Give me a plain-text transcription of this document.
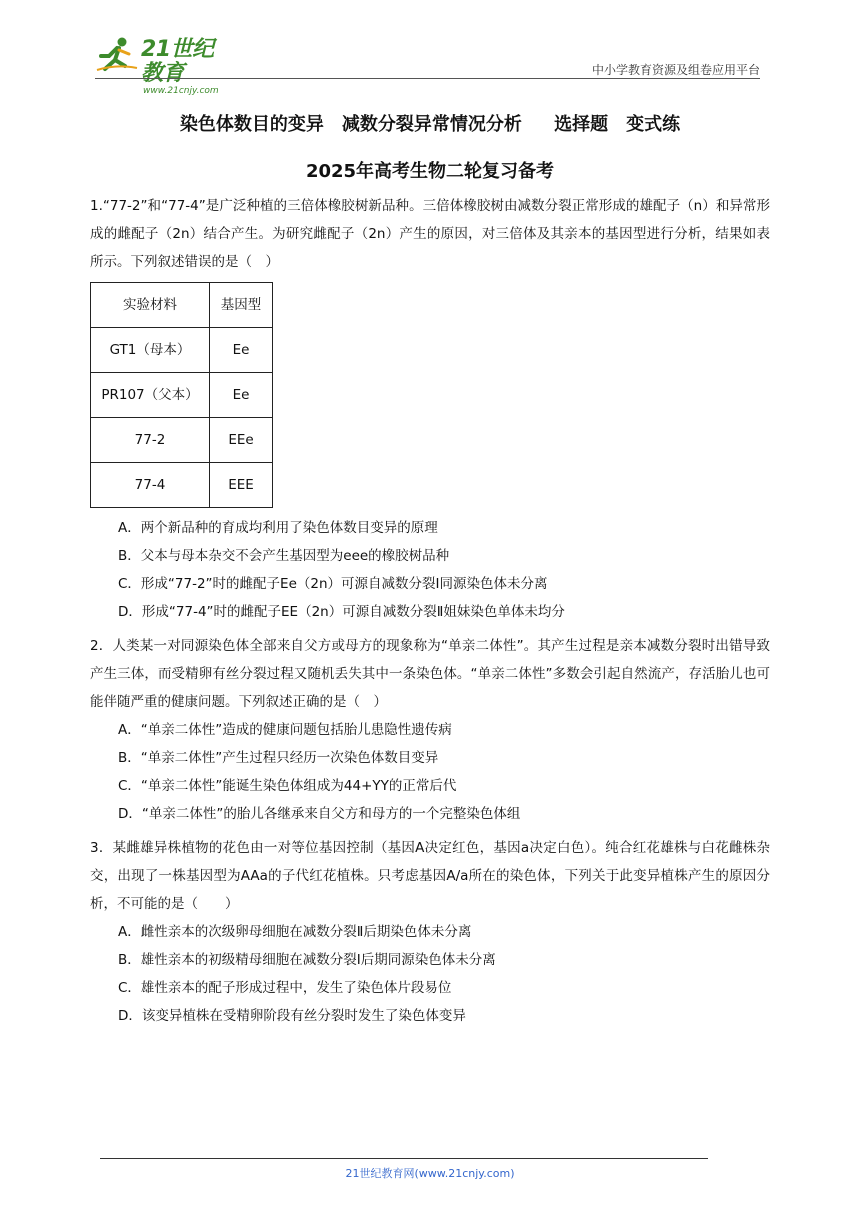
21世纪教育
www.21cnjy.com
中小学教育资源及组卷应用平台
染色体数目的变异　减数分裂异常情况分析　 选择题　变式练
2025年高考生物二轮复习备考

1.“77-2”和“77-4”是广泛种植的三倍体橡胶树新品种。三倍体橡胶树由减数分裂正常形成的雄配子（n）和异常形成的雌配子（2n）结合产生。为研究雌配子（2n）产生的原因，对三倍体及其亲本的基因型进行分析，结果如表所示。下列叙述错误的是（　）

实验材料	基因型
GT1（母本）	Ee
PR107（父本）	Ee
77-2	EEe
77-4	EEE

A．两个新品种的育成均利用了染色体数目变异的原理

B．父本与母本杂交不会产生基因型为eee的橡胶树品种

C．形成“77-2”时的雌配子Ee（2n）可源自减数分裂Ⅰ同源染色体未分离

D．形成“77-4”时的雌配子EE（2n）可源自减数分裂Ⅱ姐妹染色单体未均分

2．人类某一对同源染色体全部来自父方或母方的现象称为“单亲二体性”。其产生过程是亲本减数分裂时出错导致产生三体，而受精卵有丝分裂过程又随机丢失其中一条染色体。“单亲二体性”多数会引起自然流产，存活胎儿也可能伴随严重的健康问题。下列叙述正确的是（　）

A．“单亲二体性”造成的健康问题包括胎儿患隐性遗传病

B．“单亲二体性”产生过程只经历一次染色体数目变异

C．“单亲二体性”能诞生染色体组成为44+YY的正常后代

D．“单亲二体性”的胎儿各继承来自父方和母方的一个完整染色体组

3．某雌雄异株植物的花色由一对等位基因控制（基因A决定红色，基因a决定白色）。纯合红花雄株与白花雌株杂交，出现了一株基因型为AAa的子代红花植株。只考虑基因A/a所在的染色体，下列关于此变异植株产生的原因分析，不可能的是（　　）

A．雌性亲本的次级卵母细胞在减数分裂Ⅱ后期染色体未分离

B．雄性亲本的初级精母细胞在减数分裂Ⅰ后期同源染色体未分离

C．雄性亲本的配子形成过程中，发生了染色体片段易位

D．该变异植株在受精卵阶段有丝分裂时发生了染色体变异

21世纪教育网(www.21cnjy.com)
